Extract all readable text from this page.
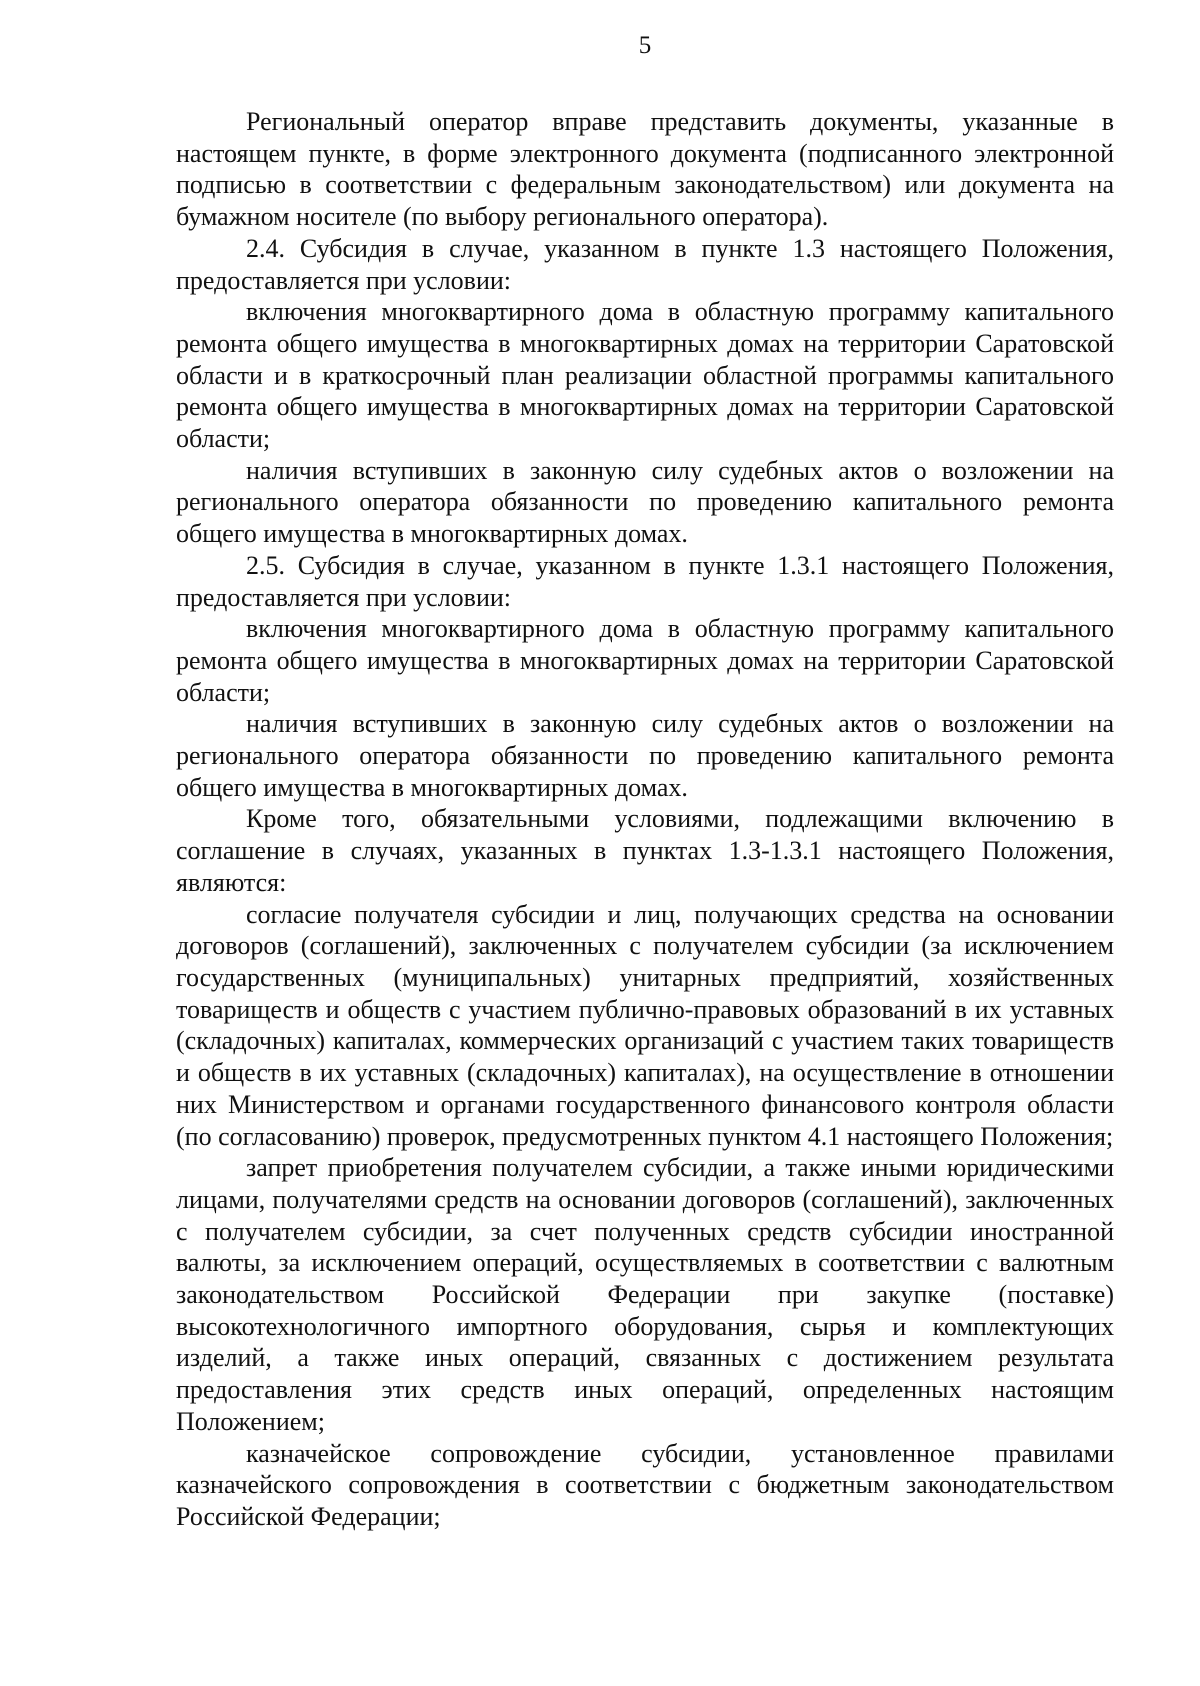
5

Региональный оператор вправе представить документы, указанные в настоящем пункте, в форме электронного документа (подписанного электронной подписью в соответствии с федеральным законодательством) или документа на бумажном носителе (по выбору регионального оператора).

2.4. Субсидия в случае, указанном в пункте 1.3 настоящего Положения, предоставляется при условии:

включения многоквартирного дома в областную программу капитального ремонта общего имущества в многоквартирных домах на территории Саратовской области и в краткосрочный план реализации областной программы капитального ремонта общего имущества в многоквартирных домах на территории Саратовской области;

наличия вступивших в законную силу судебных актов о возложении на регионального оператора обязанности по проведению капитального ремонта общего имущества в многоквартирных домах.

2.5. Субсидия в случае, указанном в пункте 1.3.1 настоящего Положения, предоставляется при условии:

включения многоквартирного дома в областную программу капитального ремонта общего имущества в многоквартирных домах на территории Саратовской области;

наличия вступивших в законную силу судебных актов о возложении на регионального оператора обязанности по проведению капитального ремонта общего имущества в многоквартирных домах.

Кроме того, обязательными условиями, подлежащими включению в соглашение в случаях, указанных в пунктах 1.3-1.3.1 настоящего Положения, являются:

согласие получателя субсидии и лиц, получающих средства на основании договоров (соглашений), заключенных с получателем субсидии (за исключением государственных (муниципальных) унитарных предприятий, хозяйственных товариществ и обществ с участием публично-правовых образований в их уставных (складочных) капиталах, коммерческих организаций с участием таких товариществ и обществ в их уставных (складочных) капиталах), на осуществление в отношении них Министерством и органами государственного финансового контроля области (по согласованию) проверок, предусмотренных пунктом 4.1 настоящего Положения;

запрет приобретения получателем субсидии, а также иными юридическими лицами, получателями средств на основании договоров (соглашений), заключенных с получателем субсидии, за счет полученных средств субсидии иностранной валюты, за исключением операций, осуществляемых в соответствии с валютным законодательством Российской Федерации при закупке (поставке) высокотехнологичного импортного оборудования, сырья и комплектующих изделий, а также иных операций, связанных с достижением результата предоставления этих средств иных операций, определенных настоящим Положением;

казначейское сопровождение субсидии, установленное правилами казначейского сопровождения в соответствии с бюджетным законодательством Российской Федерации;
